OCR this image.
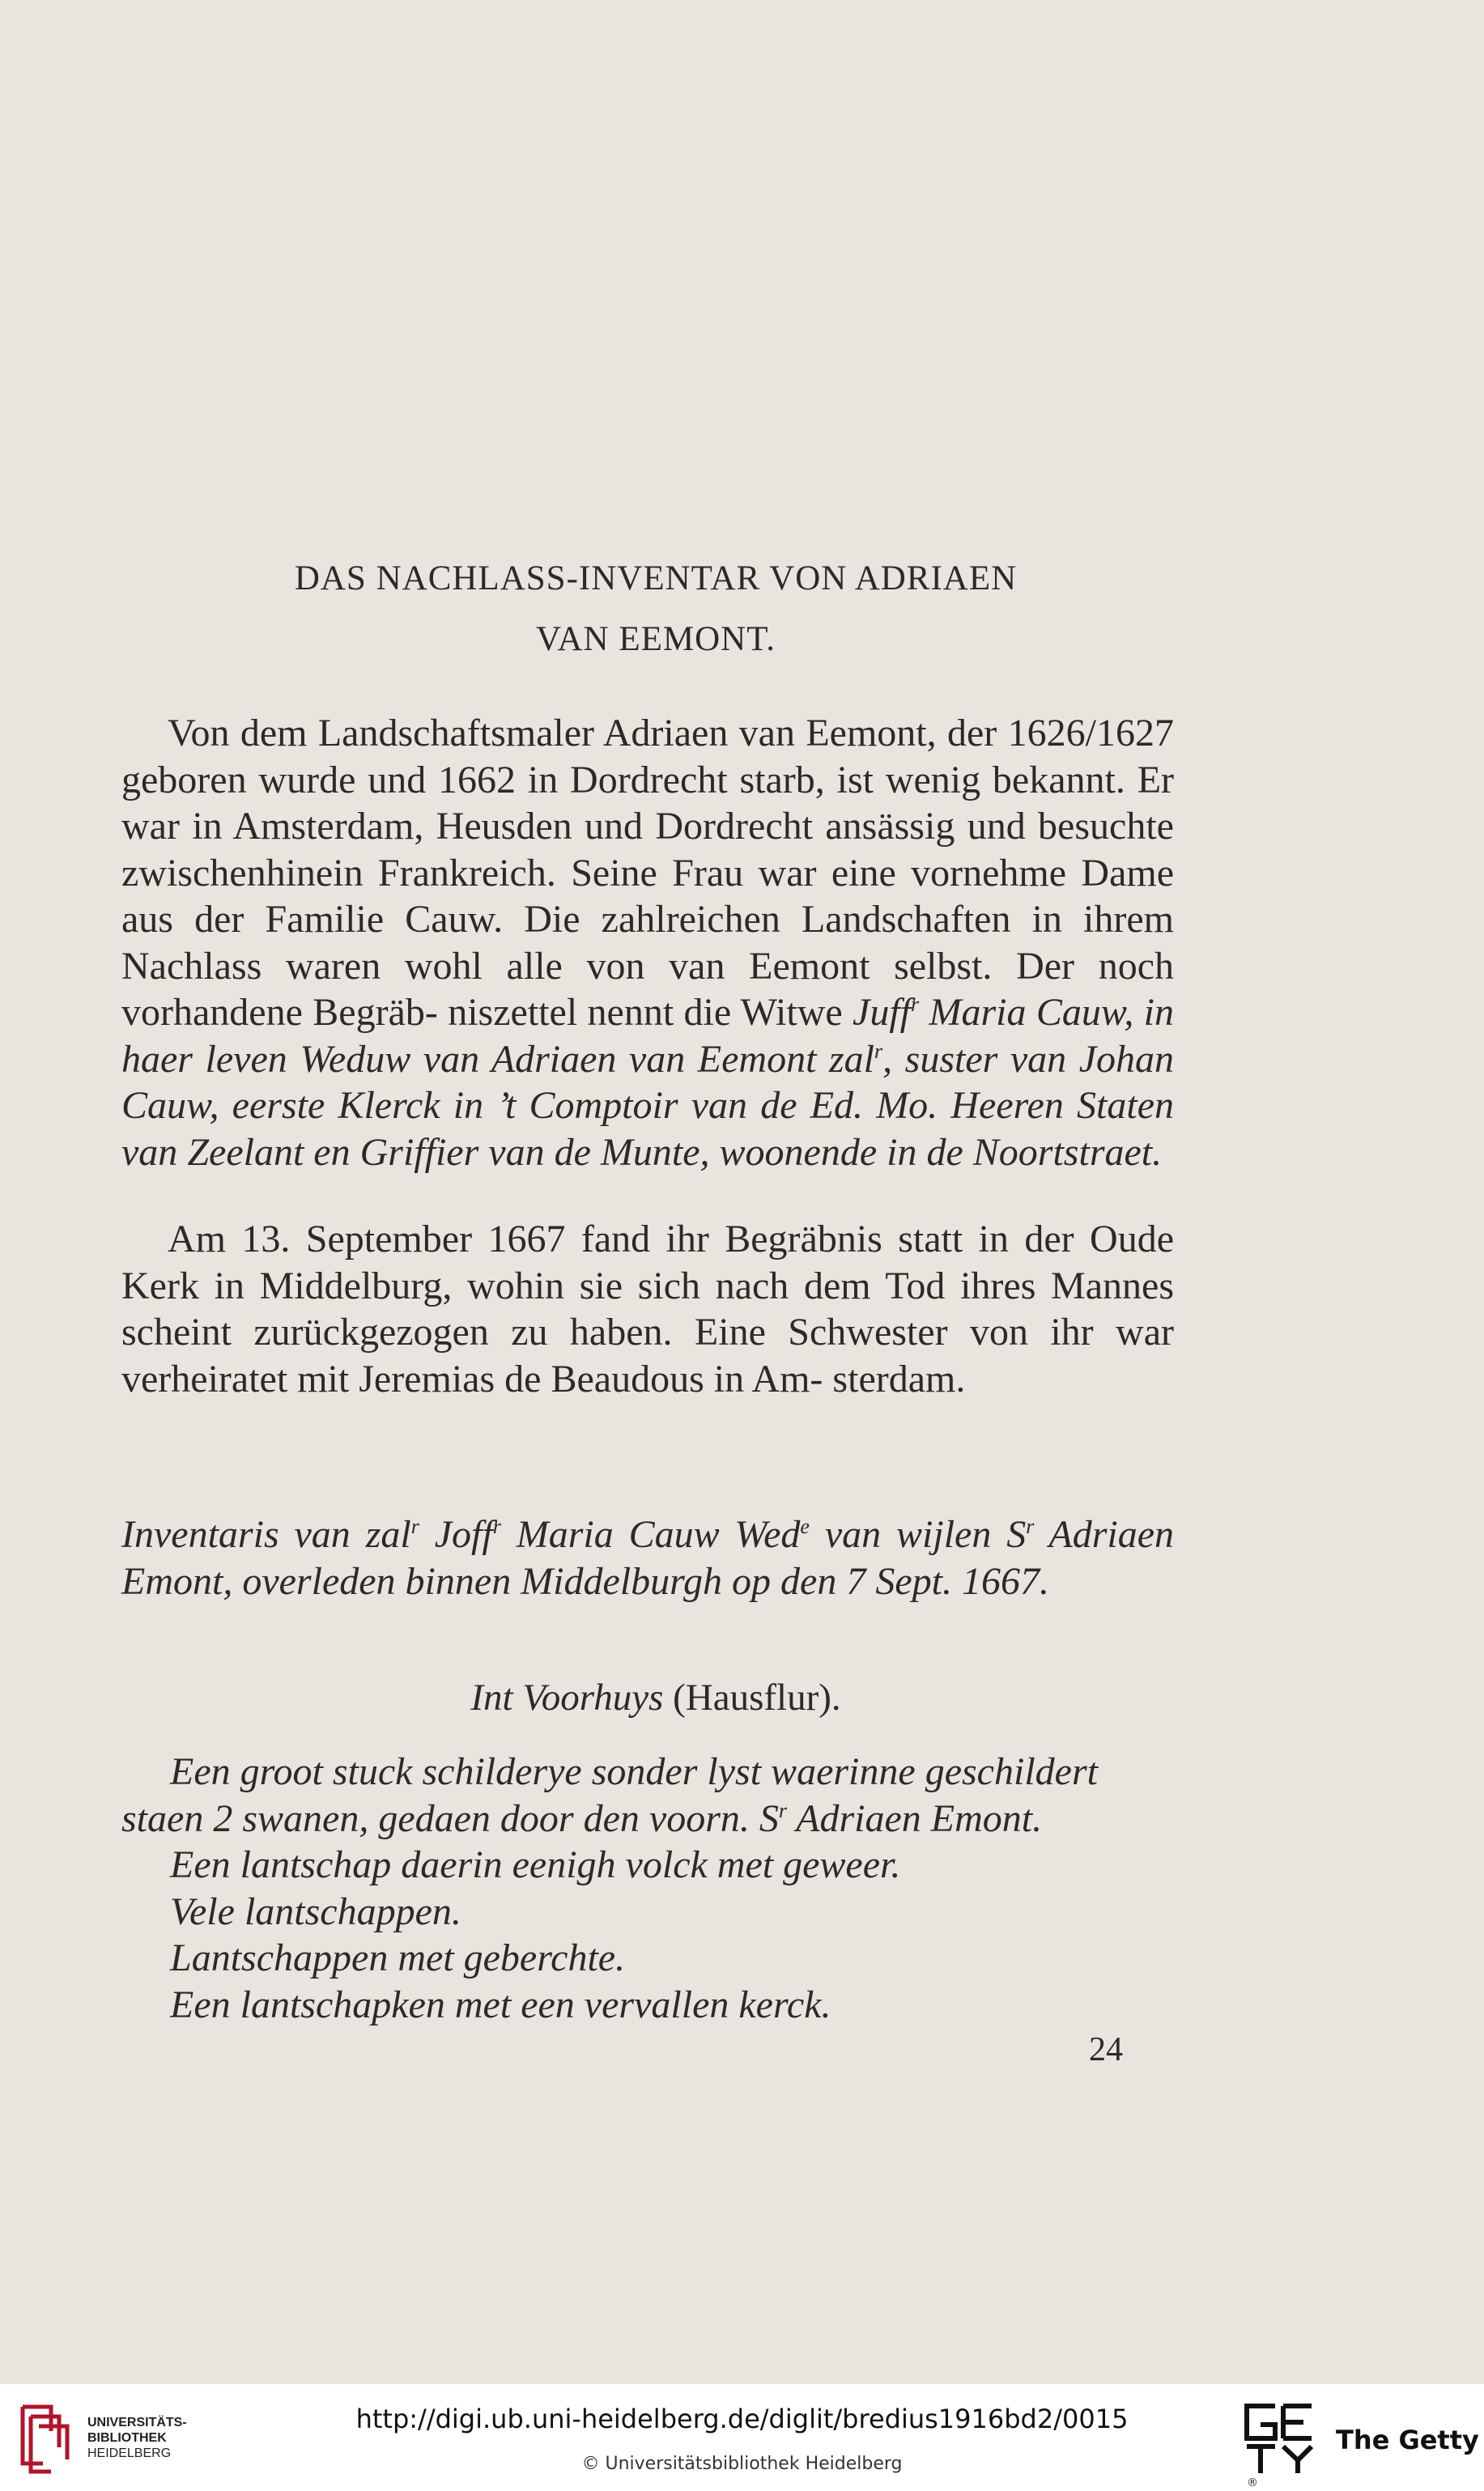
DAS NACHLASS-INVENTAR VON ADRIAEN
VAN EEMONT.
Von dem Landschaftsmaler Adriaen van Eemont, der 1626/1627 geboren wurde und 1662 in Dordrecht starb, ist wenig bekannt. Er war in Amsterdam, Heusden und Dordrecht ansässig und besuchte zwischenhinein Frankreich. Seine Frau war eine vornehme Dame aus der Familie Cauw. Die zahlreichen Landschaften in ihrem Nachlass waren wohl alle von van Eemont selbst. Der noch vorhandene Begräb- niszettel nennt die Witwe Juff$^r$ Maria Cauw, in haer leven Weduw van Adriaen van Eemont zal$^r$, suster van Johan Cauw, eerste Klerck in ’t Comptoir van de Ed. Mo. Heeren Staten van Zeelant en Griffier van de Munte, woonende in de Noortstraet.
Am 13. September 1667 fand ihr Begräbnis statt in der Oude Kerk in Middelburg, wohin sie sich nach dem Tod ihres Mannes scheint zurückgezogen zu haben. Eine Schwester von ihr war verheiratet mit Jeremias de Beaudous in Am- sterdam.
Inventaris van zal$^r$ Joff$^r$ Maria Cauw Wed$^e$ van wijlen $S^r$ Adriaen Emont, overleden binnen Middelburgh op den 7 Sept. 1667.
Int Voorhuys (Hausflur).

Een groot stuck schilderye sonder lyst waerinne geschildert

staen 2 swanen, gedaen door den voorn. $S^r$ Adriaen Emont.

Een lantschap daerin eenigh volck met geweer.

Vele lantschappen.

Lantschappen met geberchte.

Een lantschapken met een vervallen kerck.

24
UNIVERSITÄTS-
BIBLIOTHEK
HEIDELBERG
http://digi.ub.uni-heidelberg.de/diglit/bredius1916bd2/0015
© Universitätsbibliothek Heidelberg
®
The Getty
